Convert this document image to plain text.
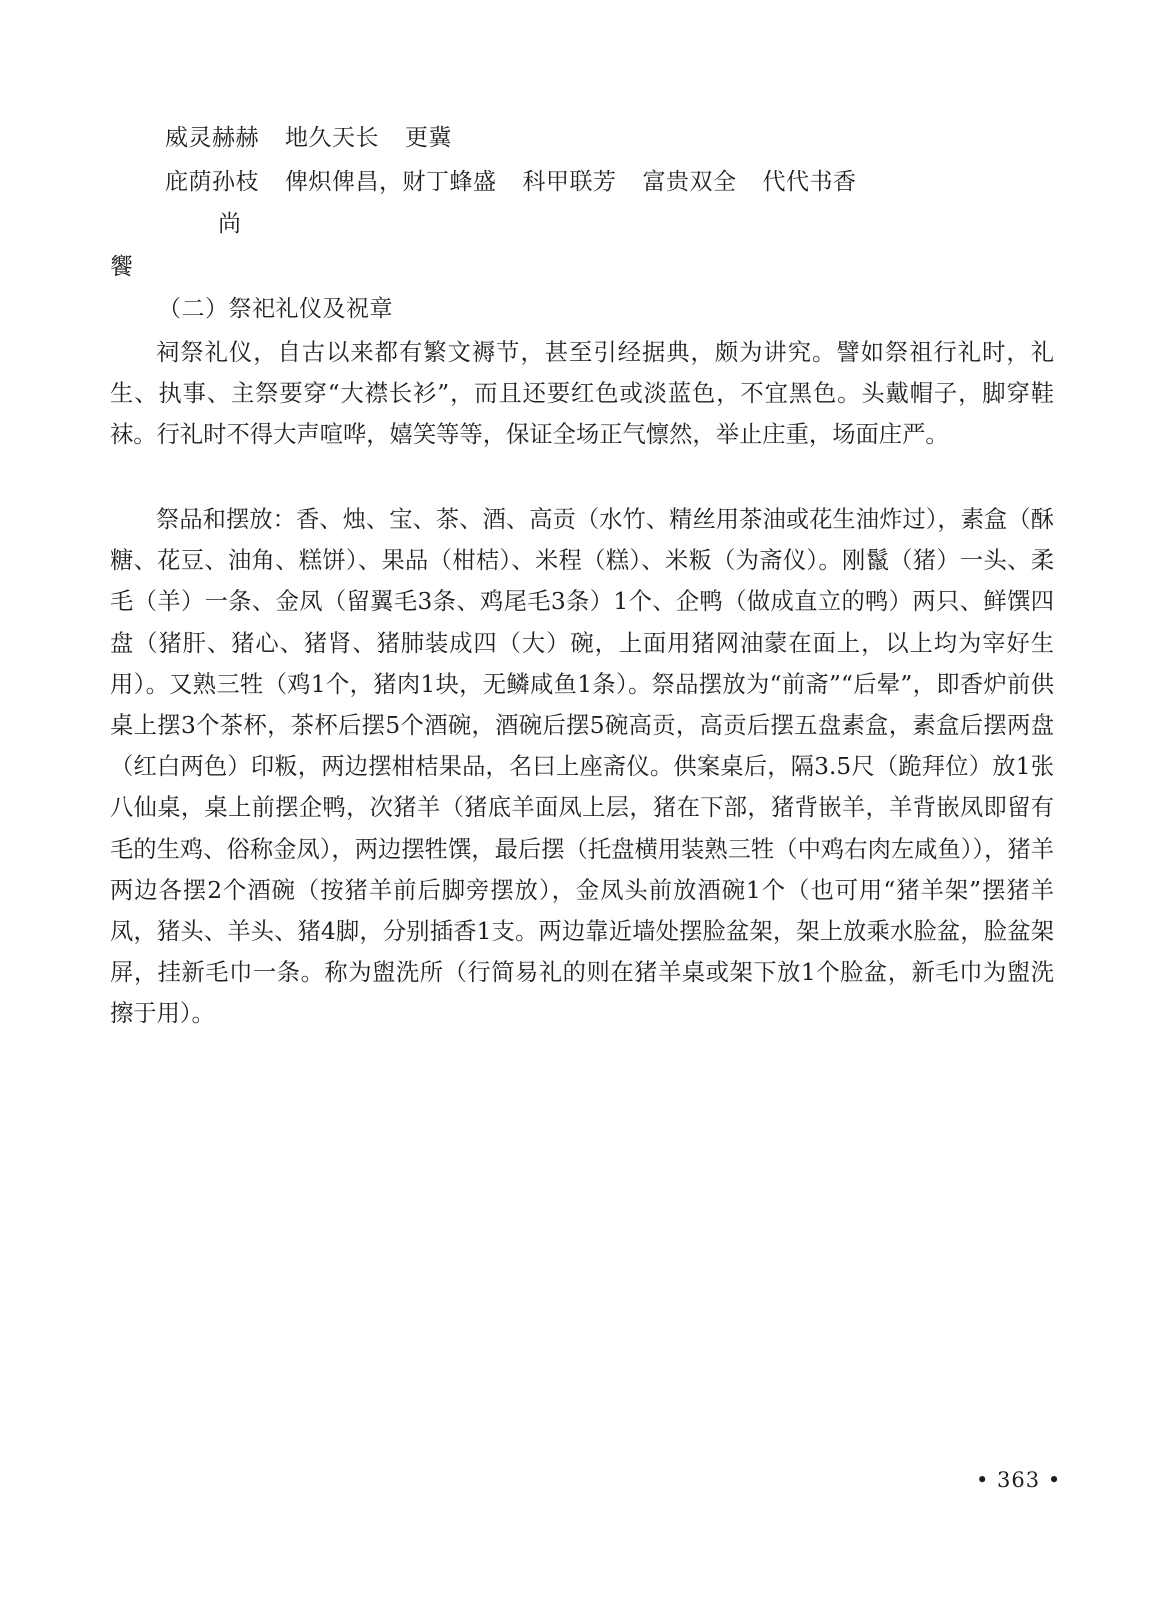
威灵赫赫 地久天长 更冀
庇荫孙枝 俾炽俾昌，财丁蜂盛 科甲联芳 富贵双全 代代书香
尚
饗
（二）祭祀礼仪及祝章

祠祭礼仪，自古以来都有繁文褥节，甚至引经据典，颇为讲究。譬如祭祖行礼时，礼生、执事、主祭要穿“大襟长衫”，而且还要红色或淡蓝色，不宜黑色。头戴帽子，脚穿鞋袜。行礼时不得大声喧哗，嬉笑等等，保证全场正气懔然，举止庄重，场面庄严。

祭品和摆放：香、烛、宝、茶、酒、高贡（水竹、精丝用茶油或花生油炸过），素盒（酥糖、花豆、油角、糕饼）、果品（柑桔）、米程（糕）、米粄（为斋仪）。刚鬣（猪）一头、柔毛（羊）一条、金凤（留翼毛3条、鸡尾毛3条）1个、企鸭（做成直立的鸭）两只、鲜馔四盘（猪肝、猪心、猪肾、猪肺装成四（大）碗，上面用猪网油蒙在面上，以上均为宰好生用）。又熟三牲（鸡1个，猪肉1块，无鳞咸鱼1条）。祭品摆放为“前斋”“后晕”，即香炉前供桌上摆3个茶杯，茶杯后摆5个酒碗，酒碗后摆5碗高贡，高贡后摆五盘素盒，素盒后摆两盘（红白两色）印粄，两边摆柑桔果品，名曰上座斋仪。供案桌后，隔3.5尺（跪拜位）放1张八仙桌，桌上前摆企鸭，次猪羊（猪底羊面凤上层，猪在下部，猪背嵌羊，羊背嵌凤即留有毛的生鸡、俗称金凤），两边摆牲馔，最后摆（托盘横用装熟三牲（中鸡右肉左咸鱼）），猪羊两边各摆2个酒碗（按猪羊前后脚旁摆放），金凤头前放酒碗1个（也可用“猪羊架”摆猪羊凤，猪头、羊头、猪4脚，分别插香1支。两边靠近墙处摆脸盆架，架上放乘水脸盆，脸盆架屏，挂新毛巾一条。称为盥洗所（行简易礼的则在猪羊桌或架下放1个脸盆，新毛巾为盥洗擦于用）。

• 363 •
